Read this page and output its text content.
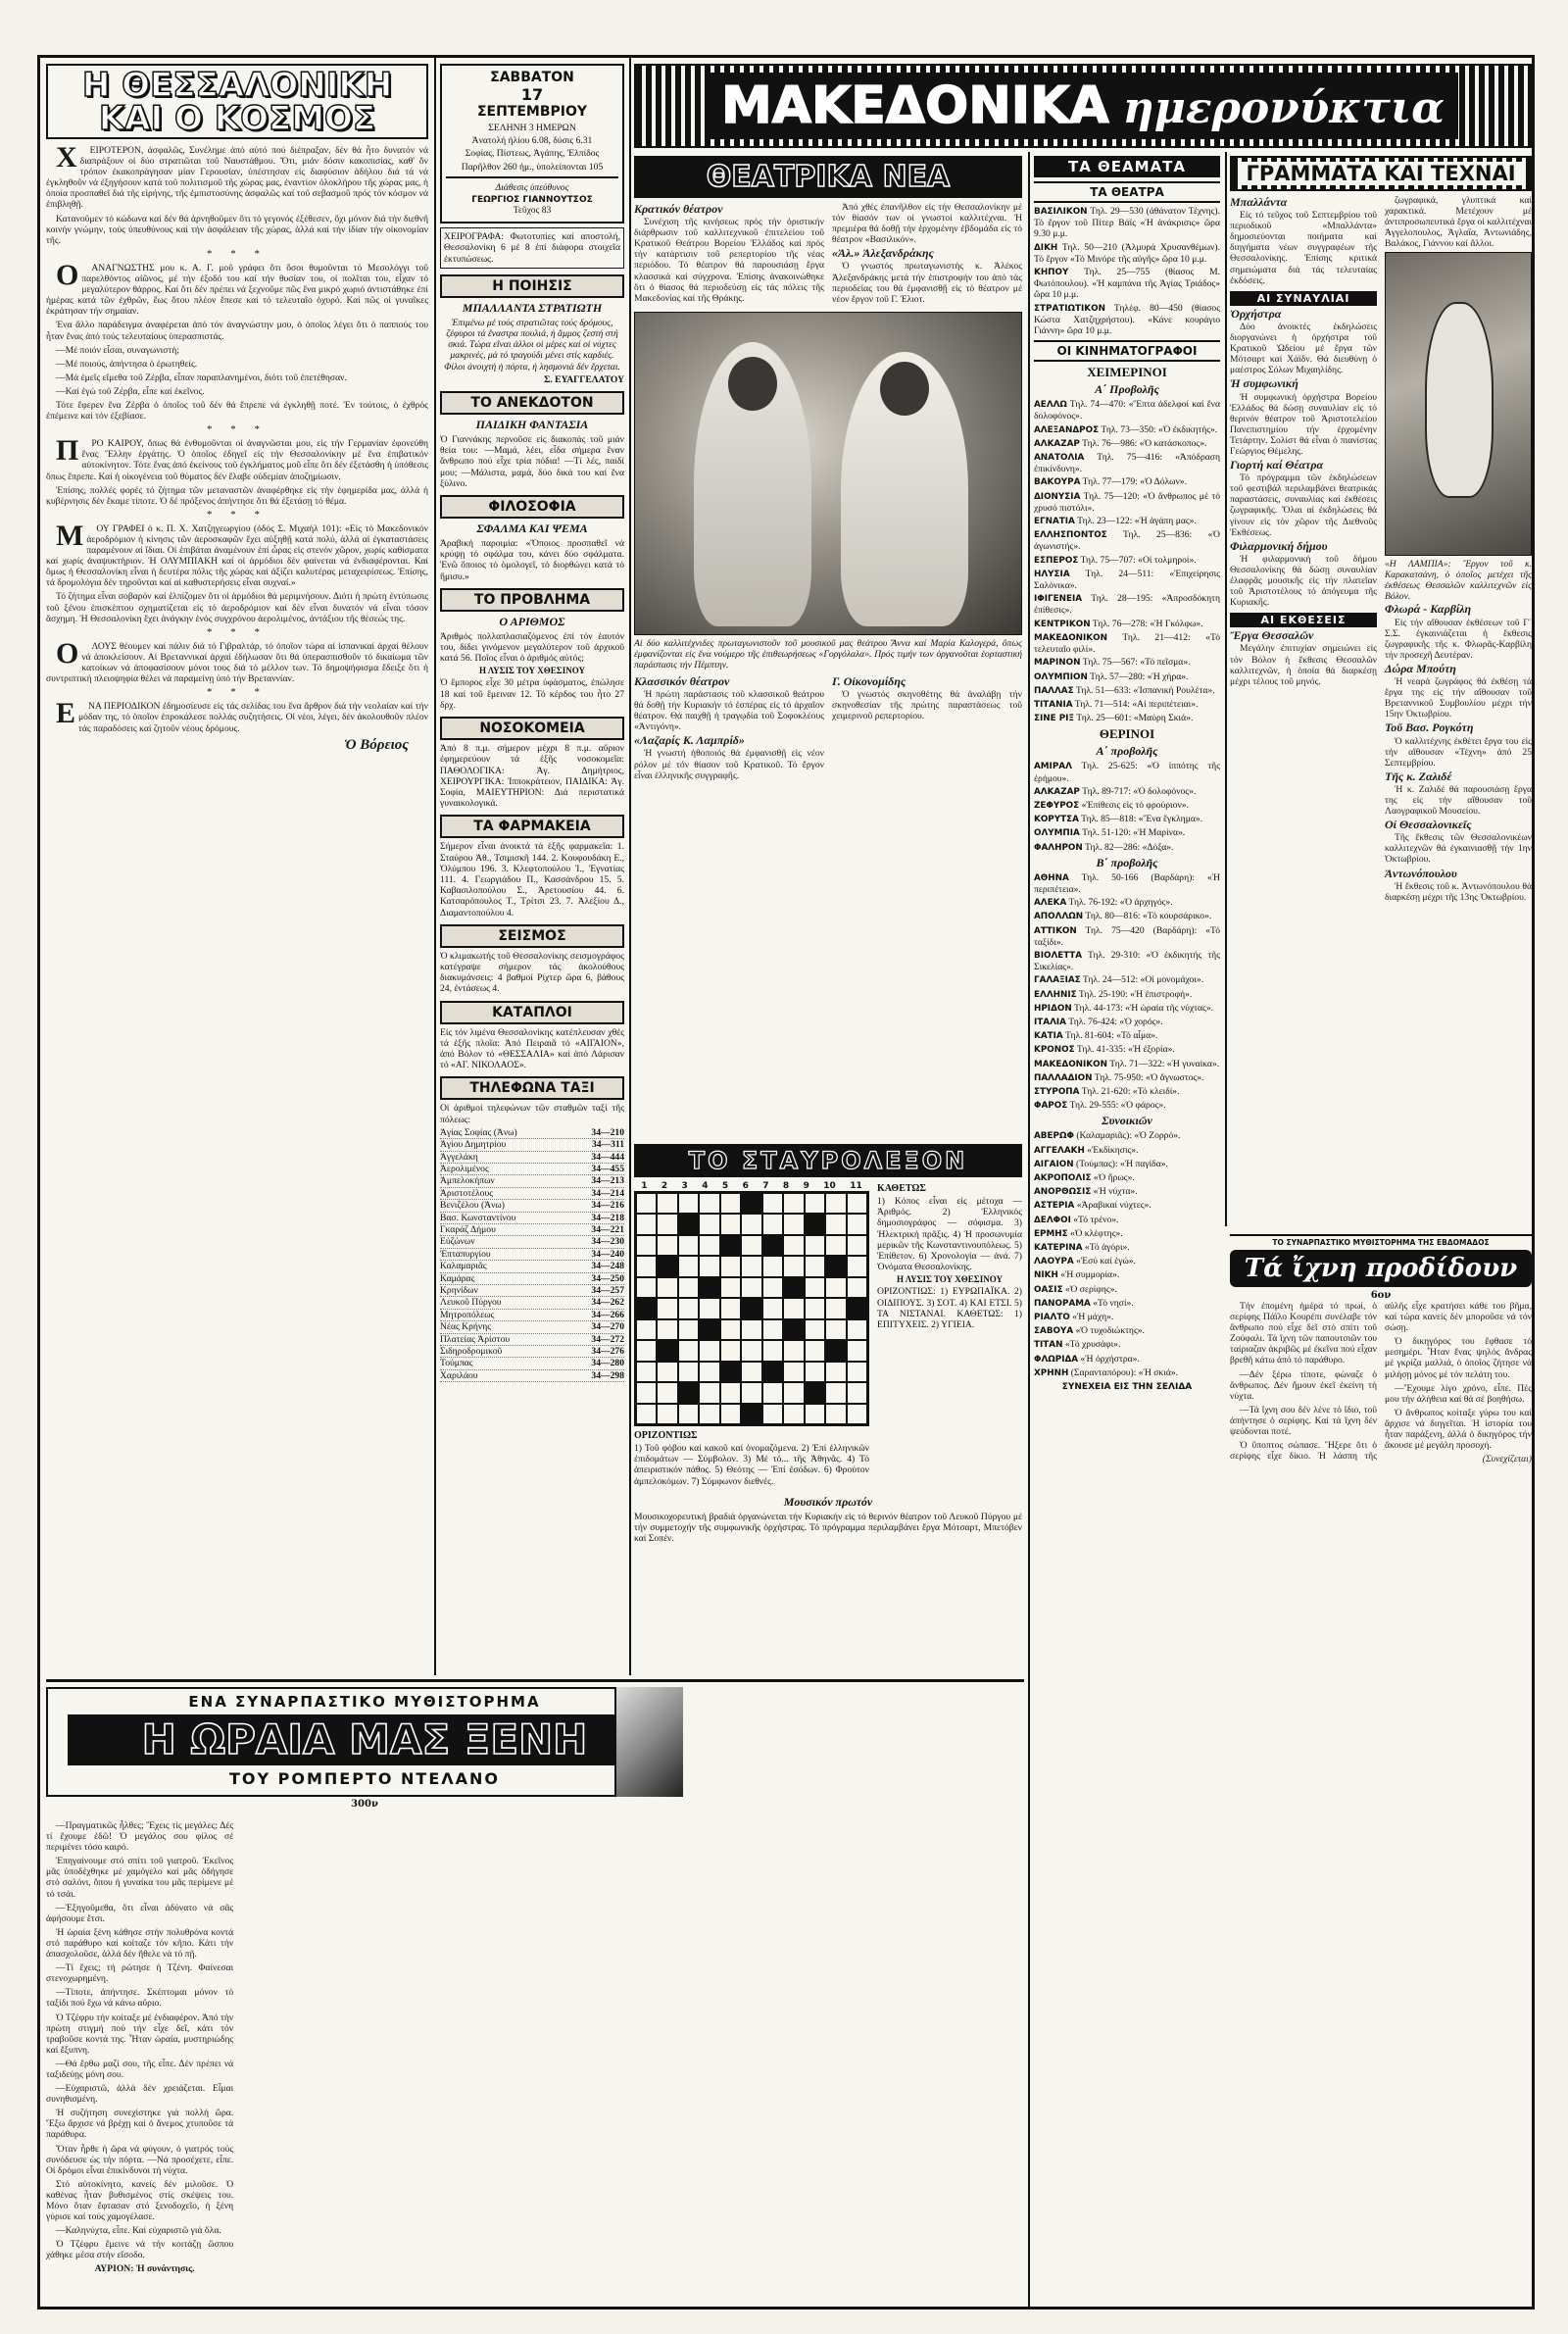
Η ΘΕΣΣΑΛΟΝΙΚΗ
ΚΑΙ Ο ΚΟΣΜΟΣ

ΧΕΙΡΟΤΕΡΟΝ, ἀσφαλῶς, Συνέλημε ἀπό αὐτό πού διέπραξαν, δέν θά ἦτο δυνατόν νά διαπράξουν οἱ δύο στρατιῶται τοῦ Ναυστάθμου. Ὅτι, μιάν δόσιν κακοπισίας, καθ' ὅν τρόπον ἐκακοπράγησαν μίαν Γερουσίαν, ὑπέστησαν εἰς διαφύσιον ἀδήλου διά τά νά ἐγκληθοῦν νά ἐξηγήσουν κατά τοῦ πολιτισμοῦ τῆς χώρας μας, ἐναντίον ὁλοκλήρου τῆς χώρας μας, ἡ ὁποία προσπαθεῖ διά τῆς εἰρήνης, τῆς ἐμπιστοσύνης ἀσφαλῶς καί τοῦ σεβασμοῦ πρός τόν κόσμον νά ἐπιβληθῇ.

Κατανοῦμεν τό κώδωνα καί δέν θά ἀρνηθοῦμεν ὅτι τό γεγονός ἐξέθεσεν, ὅχι μόνον διά τήν διεθνῆ κοινήν γνώμην, τούς ὑπευθύνους καί τήν ἀσφάλειαν τῆς χώρας, ἀλλά καί τήν ἰδίαν τήν οἰκονομίαν τῆς.

* * *

ΟΑΝΑΓΝΩΣΤΗΣ μου κ. Α. Γ. μοῦ γράφει ὅτι ὅσοι θυμοῦνται τό Μεσολόγγι τοῦ παρελθόντος αἰῶνος, μέ τήν ἐξοδό του καί τήν θυσίαν του, οἱ πολῖται του, εἶχαν τό μεγαλύτερον θάρρος. Καί ὅτι δέν πρέπει νά ξεχνοῦμε πῶς ἕνα μικρό χωριό ἀντιστάθηκε ἐπί ἡμέρας κατά τῶν ἐχθρῶν, ἕως ὅτου πλέον ἔπεσε καί τό τελευταῖο ὀχυρό. Καί πῶς οἱ γυναῖκες ἐκράτησαν τήν σημαίαν.

Ἐνα ἄλλο παράδειγμα ἀναφέρεται ἀπό τόν ἀναγνώστην μου, ὁ ὁποῖος λέγει ὅτι ὁ παππούς του ἦταν ἕνας ἀπό τούς τελευταίους ὑπερασπιστάς.

—Μέ ποιόν εἶσαι, συναγωνιστή;

—Μέ ποιούς, ἀπήντησα ὁ ἐρωτηθείς.

—Μά ἐμεῖς εἴμεθα τοῦ Ζέρβα, εἶπαν παραπλανημένοι, διότι τοῦ ἐπετέθησαν.

—Καί ἐγώ τοῦ Ζέρβα, εἶπε καί ἐκεῖνος.

Τότε ἔφερεν ἕνα Ζέρβα ὁ ὁποῖος τοῦ δέν θά ἔπρεπε νά ἐγκληθῇ ποτέ. Ἐν τούτοις, ὁ ἐχθρός ἐπέμεινε καί τόν ἐξεβίασε.

* * *

ΠΡΟ ΚΑΙΡΟΥ, ὅπως θά ἐνθυμοῦνται οἱ ἀναγνῶσται μου, εἰς τήν Γερμανίαν ἐφονεύθη ἕνας Ἕλλην ἐργάτης. Ὁ ὁποῖος ἐδηγεῖ εἰς τήν Θεσσαλονίκην μέ ἕνα ἐπιβατικόν αὐτοκίνητον. Τότε ἕνας ἀπό ἐκείνους τοῦ ἐγκλήματος μοῦ εἶπε ὅτι δέν ἐξετάσθη ἡ ὑπόθεσις ὅπως ἔπρεπε. Καί ἡ οἰκογένεια τοῦ θύματος δέν ἔλαβε οὐδεμίαν ἀποζημίωσιν.

Ἐπίσης, πολλές φορές τό ζήτημα τῶν μεταναστῶν ἀναφέρθηκε εἰς τήν ἐφημερίδα μας, ἀλλά ἡ κυβέρνησις δέν ἔκαμε τίποτε. Ὁ δέ πρόξενος ἀπήντησε ὅτι θά ἐξετάσῃ τό θέμα.

* * *

ΜΟΥ ΓΡΑΦΕΙ ὁ κ. Π. Χ. Χατζηγεωργίου (ὁδός Σ. Μιχαήλ 101): «Εἰς τό Μακεδονικόν ἀεροδρόμιον ἡ κίνησις τῶν ἀεροσκαφῶν ἔχει αὐξηθῇ κατά πολύ, ἀλλά αἱ ἐγκαταστάσεις παραμένουν αἱ ἴδιαι. Οἱ ἐπιβάται ἀναμένουν ἐπί ὧρας εἰς στενόν χῶρον, χωρίς καθίσματα καί χωρίς ἀναψυκτήριον. Ἡ ΟΛΥΜΠΙΑΚΗ καί οἱ ἁρμόδιοι δέν φαίνεται νά ἐνδιαφέρονται. Καί ὅμως ἡ Θεσσαλονίκη εἶναι ἡ δευτέρα πόλις τῆς χώρας καί ἀξίζει καλυτέρας μεταχειρίσεως. Ἐπίσης, τά δρομολόγια δέν τηροῦνται καί αἱ καθυστερήσεις εἶναι συχναί.»

Τό ζήτημα εἶναι σοβαρόν καί ἐλπίζομεν ὅτι οἱ ἁρμόδιοι θά μεριμνήσουν. Διότι ἡ πρώτη ἐντύπωσις τοῦ ξένου ἐπισκέπτου σχηματίζεται εἰς τό ἀεροδρόμιον καί δέν εἶναι δυνατόν νά εἶναι τόσον ἄσχημη. Ἡ Θεσσαλονίκη ἔχει ἀνάγκην ἑνός συγχρόνου ἀερολιμένος, ἀντάξιου τῆς θέσεώς της.

* * *

ΟΛΟΥΣ θέουμεν καί πάλιν διά τό Γιβραλτάρ, τό ὁποῖον τώρα αἱ ἰσπανικαί ἀρχαί θέλουν νά ἀποκλείσουν. Αἱ Βρεταννικαί ἀρχαί ἐδήλωσαν ὅτι θά ὑπερασπισθοῦν τό δικαίωμα τῶν κατοίκων νά ἀποφασίσουν μόνοι τους διά τό μέλλον των. Τό δημοψήφισμα ἔδειξε ὅτι ἡ συντριπτική πλειοψηφία θέλει νά παραμείνῃ ὑπό τήν Βρεταννίαν.

* * *

ΕΝΑ ΠΕΡΙΟΔΙΚΟΝ ἐδημοσίευσε εἰς τάς σελίδας του ἕνα ἄρθρον διά τήν νεολαίαν καί τήν μόδαν της, τό ὁποῖον ἐπροκάλεσε πολλάς συζητήσεις. Οἱ νέοι, λέγει, δέν ἀκολουθοῦν πλέον τάς παραδόσεις καί ζητοῦν νέους δρόμους.

Ὁ Βόρειος
ΣΑΒΒΑΤΟΝ
17
ΣΕΠΤΕΜΒΡΙΟΥ
ΣΕΛΗΝΗ 3 ΗΜΕΡΩΝ
Ἀνατολή ἡλίου 6.08, δύσις 6.31
Σοφίας, Πίστεως, Ἀγάπης, Ἐλπίδος
Παρῆλθον 260 ἡμ., ὑπολείπονται 105
Διάθεσις ὑπεύθυνος
ΓΕΩΡΓΙΟΣ ΓΙΑΝΝΟΥΤΣΟΣ
Τεῦχος 83
ΧΕΙΡΟΓΡΑΦΑ: Φωτοτυπίες καί αποστολή, Θεσσαλονίκη 6 μέ 8 ἐπί διάφορα στοιχεῖα ἐκτυπώσεως.
Η ΠΟΙΗΣΙΣ
ΜΠΑΛΛΑΝΤΑ ΣΤΡΑΤΙΩΤΗ
Ἐπιμένω μέ τούς στρατιῶτας τούς δρόμους, ζέφυροι τά ἔναστρα πουλιά, ἡ ἄμμος ζεστή στή σκιά. Τώρα εἴναι ἀλλοι οἱ μέρες καί οἱ νύχτες μακρινές, μά τό τραγούδι μένει στίς καρδιές. Φίλοι ἀνοιχτή ἡ πόρτα, ἡ λησμονιά δέν ἔρχεται.
Σ. ΕΥΑΓΓΕΛΑΤΟΥ
ΤΟ ΑΝΕΚΔΟΤΟΝ
ΠΑΙΔΙΚΗ ΦΑΝΤΑΣΙΑ
Ὁ Γιαννάκης περνοῦσε εἰς διακοπάς τοῦ μιάν θεία του: —Μαμά, λέει, εἶδα σήμερα ἕναν ἄνθρωπο πού εἶχε τρία πόδια! —Τί λές, παιδί μου; —Μάλιστα, μαμά, δύο δικά του καί ἕνα ξύλινο.
ΦΙΛΟΣΟΦΙΑ
ΣΦΑΛΜΑ ΚΑΙ ΨΕΜΑ
Ἀραβική παροιμία: «Ὅποιος προσπαθεῖ νά κρύψῃ τό σφάλμα του, κάνει δύο σφάλματα. Ἐνῶ ὅποιος τό ὁμολογεῖ, τό διορθώνει κατά τό ἥμισυ.»
ΤΟ ΠΡΟΒΛΗΜΑ
Ο ΑΡΙΘΜΟΣ
Ἀριθμός πολλαπλασιαζόμενος ἐπί τόν ἑαυτόν του, δίδει γινόμενον μεγαλύτερον τοῦ ἀρχικοῦ κατά 56. Ποῖος εἶναι ὁ ἀριθμός αὐτός;
Η ΛΥΣΙΣ ΤΟΥ ΧΘΕΣΙΝΟΥ
Ὁ ἔμπορος εἶχε 30 μέτρα ὑφάσματος, ἐπώλησε 18 καί τοῦ ἔμειναν 12. Τό κέρδος του ἦτο 27 δρχ.
ΝΟΣΟΚΟΜΕΙΑ
Ἀπό 8 π.μ. σήμερον μέχρι 8 π.μ. αὔριον ἐφημερεύουν τά ἑξῆς νοσοκομεῖα: ΠΑΘΟΛΟΓΙΚΑ: Ἀγ. Δημήτριος, ΧΕΙΡΟΥΡΓΙΚΑ: Ἱπποκράτειον, ΠΑΙΔΙΚΑ: Ἀγ. Σοφία, ΜΑΙΕΥΤΗΡΙΟΝ: Διά περιστατικά γυναικολογικά.
ΤΑ ΦΑΡΜΑΚΕΙΑ
Σήμερον εἶναι ἀνοικτά τά ἑξῆς φαρμακεῖα: 1. Σταύρου Ἀθ., Τσιμισκῆ 144. 2. Κουφουδάκη Ε., Ὀλύμπου 196. 3. Κλεφτοπούλου Ἰ., Ἐγνατίας 111. 4. Γεωργιάδου Π., Κασσάνδρου 15. 5. Καβασιλοπούλου Σ., Ἀρετουσίου 44. 6. Κατσαρόπουλος Τ., Τρίτσι 23. 7. Ἀλεξίου Δ., Διαμαντοπούλου 4.
ΣΕΙΣΜΟΣ
Ὁ κλιμακωτής τοῦ Θεσσαλονίκης σεισμογράφος κατέγραψε σήμερον τάς ἀκολούθους διακυμάνσεις: 4 βαθμοί Ρίχτερ ὥρα 6, βάθους 24, ἐντάσεως 4.
ΚΑΤΑΠΛΟΙ
Εἰς τόν λιμένα Θεσσαλονίκης κατέπλευσαν χθές τά ἑξῆς πλοῖα: Ἀπό Πειραιᾶ τό «ΑΙΓΑΙΟΝ», ἀπό Βόλον τό «ΘΕΣΣΑΛΙΑ» καί ἀπό Λάρισαν τό «ΑΓ. ΝΙΚΟΛΑΟΣ».
ΤΗΛΕΦΩΝΑ ΤΑΞΙ
Οἱ ἀριθμοί τηλεφώνων τῶν σταθμῶν ταξί τῆς πόλεως:
Ἁγίας Σοφίας (Ἀνω)	34—210
Ἁγίου Δημητρίου	34—311
Ἀγγελάκη	34—444
Ἀερολιμένος	34—455
Ἀμπελοκήπων	34—213
Ἀριστοτέλους	34—214
Βενιζέλου (Ἀνω)	34—216
Βασ. Κωνσταντίνου	34—218
Γκαράζ Δήμου	34—221
Εὐζώνων	34—230
Ἐπταπυργίου	34—240
Καλαμαριᾶς	34—248
Καμάρας	34—250
Κρηνίδων	34—257
Λευκοῦ Πύργου	34—262
Μητροπόλεως	34—266
Νέας Κρήνης	34—270
Πλατείας Ἀρίστου	34—272
Σιδηροδρομικοῦ	34—276
Τούμπας	34—280
Χαριλάου	34—298
ΜΑΚΕΔΟΝΙΚΑ ημερονύκτια
ΘΕΑΤΡΙΚΑ ΝΕΑ
Κρατικόν θέατρον

Συνέχιση τῆς κινήσεως πρός τήν ὁριστικήν διάρθρωσιν τοῦ καλλιτεχνικοῦ ἐπιτελείου τοῦ Κρατικοῦ Θεάτρου Βορείου Ἑλλάδος καί πρός τήν κατάρτισιν τοῦ ρεπερτορίου τῆς νέας περιόδου. Τό θέατρον θά παρουσιάσῃ ἔργα κλασσικά καί σύγχρονα. Ἐπίσης ἀνακοινώθηκε ὅτι ὁ θίασος θά περιοδεύσῃ εἰς τάς πόλεις τῆς Μακεδονίας καί τῆς Θράκης.

Ἀπό χθές ἐπανῆλθον εἰς τήν Θεσσαλονίκην μέ τόν θίασόν των οἱ γνωστοί καλλιτέχναι. Ἡ πρεμιέρα θά δοθῇ τήν ἐρχομένην ἑβδομάδα εἰς τό θέατρον «Βασιλικόν».

«Ἀλ.» Ἀλεξανδράκης

Ὁ γνωστός πρωταγωνιστής κ. Ἀλέκος Ἀλεξανδράκης μετά τήν ἐπιστροφήν του ἀπό τάς περιοδείας του θά ἐμφανισθῇ εἰς τό θέατρον μέ νέον ἔργον τοῦ Γ. Ἐλιοτ.

Αἱ δύο καλλιτέχνιδες πρωταγωνιστοῦν τοῦ μουσικοῦ μας θεάτρου Ἄννα καί Μαρία Καλογερά, ὅπως ἐμφανίζονται εἰς ἕνα νούμερο τῆς ἐπιθεωρήσεως «Γοργόλαλα». Πρός τιμήν των ὀργανοῦται ἑορταστική παράστασις τήν Πέμπτην.
Κλασσικόν θέατρον

Ἡ πρώτη παράστασις τοῦ κλασσικοῦ θεάτρου θά δοθῇ τήν Κυριακήν τό ἑσπέρας εἰς τό ἀρχαῖον θέατρον. Θά παιχθῇ ἡ τραγῳδία τοῦ Σοφοκλέους «Ἀντιγόνη».

«Λαζαρίς Κ. Λαμπρίδ»

Ἡ γνωστή ἠθοποιός θά ἐμφανισθῇ εἰς νέον ρόλον μέ τόν θίασον τοῦ Κρατικοῦ. Τό ἔργον εἶναι ἑλληνικῆς συγγραφῆς.

Γ. Οἰκονομίδης

Ὁ γνωστός σκηνοθέτης θά ἀναλάβῃ τήν σκηνοθεσίαν τῆς πρώτης παραστάσεως τοῦ χειμερινοῦ ρεπερτορίου.

ΤΟ ΣΤΑΥΡΟΛΕΞΟΝ
1 2 3 4 5 6 7 8 9 10 11
ΟΡΙΖΟΝΤΙΩΣ
1) Τοῦ φόβου καί κακοῦ καί ὀνομαζόμενα. 2) Ἐπί ἑλληνικῶν ἐπιδομάτων — Σύμβολον. 3) Μέ τό... τῆς Ἀθηνᾶς. 4) Τό ἀπειριστικόν πάθος. 5) Θεότης — Ἐπί ἐσόδων. 6) Φρούτον ἀμπελοκόμων. 7) Σύμφωνον διεθνές.
ΚΑΘΕΤΩΣ
1) Κόπος εἶναι εἰς μέτοχα — Ἀριθμός. 2) Ἐλληνικός δημοσιογράφος — σόφισμα. 3) Ἠλεκτρική πρᾶξις. 4) Ἡ προσωνυμία μερικῶν τῆς Κωνσταντινουπόλεως. 5) Ἐπίθετον. 6) Χρονολογία — ἀνά. 7) Ὀνόματα Θεσσαλονίκης.
Η ΛΥΣΙΣ ΤΟΥ ΧΘΕΣΙΝΟΥ
ΟΡΙΖΟΝΤΙΩΣ: 1) ΕΥΡΩΠΑΪΚΑ. 2) ΟΙΔΙΠΟΥΣ. 3) ΣΟΤ. 4) ΚΑΙ ΕΤΣΙ. 5) ΤΑ ΝΙΣΤΑΝΑΙ. ΚΑΘΕΤΩΣ: 1) ΕΠΙΤΥΧΕΙΣ. 2) ΥΓΙΕΙΑ.
Μουσικόν πρωτόν
Μουσικοχορευτική βραδιά ὀργανώνεται τήν Κυριακήν εἰς τό θερινόν θέατρον τοῦ Λευκοῦ Πύργου μέ τήν συμμετοχήν τῆς συμφωνικῆς ὀρχήστρας. Τό πρόγραμμα περιλαμβάνει ἔργα Μότσαρτ, Μπετόβεν καί Σοπέν.
ΤΑ ΘΕΑΜΑΤΑ
ΤΑ ΘΕΑΤΡΑ
ΒΑΣΙΛΙΚΟΝ Τηλ. 29—530 (ἀθάνατον Τέχνης). Τό ἔργον τοῦ Πίτερ Βάϊς «Ἡ ἀνάκρισις» ὥρα 9.30 μ.μ.
ΔΙΚΗ Τηλ. 50—210 (Ἀλμυρά Χρυσανθέμων). Τό ἔργον «Τό Μινόρε τῆς αὐγῆς» ὥρα 10 μ.μ.
ΚΗΠΟΥ Τηλ. 25—755 (θίασος Μ. Φωτόπουλου). «Ἡ καμπάνα τῆς Ἀγίας Τριάδος» ὥρα 10 μ.μ.
ΣΤΡΑΤΙΩΤΙΚΟΝ Τηλέφ. 80—450 (θίασος Κώστα Χατζηχρήστου). «Κάνε κουράγιο Γιάννη» ὥρα 10 μ.μ.
ΟΙ ΚΙΝΗΜΑΤΟΓΡΑΦΟΙ
ΧΕΙΜΕΡΙΝΟΙ
Α΄ Προβολῆς
ΑΕΛΛΩ Τηλ. 74—470: «Ἕπτα ἀδελφοί καί ἕνα δολοφόνος».
ΑΛΕΞΑΝΔΡΟΣ Τηλ. 73—350: «Ὁ ἐκδικητής».
ΑΛΚΑΖΑΡ Τηλ. 76—986: «Ὁ κατάσκοπος».
ΑΝΑΤΟΛΙΑ Τηλ. 75—416: «Ἀπόδραση ἐπικίνδυνη».
ΒΑΚΟΥΡΑ Τηλ. 77—179: «Ὁ Δόλων».
ΔΙΟΝΥΣΙΑ Τηλ. 75—120: «Ὁ ἄνθρωπος μέ τό χρυσό πιστόλι».
ΕΓΝΑΤΙΑ Τηλ. 23—122: «Ἡ ἀγάπη μας».
ΕΛΛΗΣΠΟΝΤΟΣ Τηλ. 25—836: «Ὁ ἀγωνιστής».
ΕΣΠΕΡΟΣ Τηλ. 75—707: «Οἱ τολμηροί».
ΗΛΥΣΙΑ Τηλ. 24—511: «Ἐπιχείρησις Σαλόνικα».
ΙΦΙΓΕΝΕΙΑ Τηλ. 28—195: «Ἀπροσδόκητη ἐπίθεσις».
ΚΕΝΤΡΙΚΟΝ Τηλ. 76—278: «Ἡ Γκόλφω».
ΜΑΚΕΔΟΝΙΚΟΝ Τηλ. 21—412: «Τό τελευταῖο φιλί».
ΜΑΡΙΝΟΝ Τηλ. 75—567: «Τό πεῖσμα».
ΟΛΥΜΠΙΟΝ Τηλ. 57—280: «Ἡ χήρα».
ΠΑΛΛΑΣ Τηλ. 51—633: «Ἰσπανική Ρουλέτα».
ΤΙΤΑΝΙΑ Τηλ. 71—514: «Αἱ περιπέτειαι».
ΣΙΝΕ ΡΙΞ Τηλ. 25—601: «Μαύρη Σκιά».
ΘΕΡΙΝΟΙ
Α΄ προβολῆς
ΑΜΙΡΑΛ Τηλ. 25-625: «Ὁ ἱππότης τῆς ἐρήμου».
ΑΛΚΑΖΑΡ Τηλ. 89-717: «Ὁ δολοφόνος».
ΖΕΦΥΡΟΣ «Ἐπίθεσις εἰς τό φρούριον».
ΚΟΡΥΤΣΑ Τηλ. 85—818: «Ἕνα ἔγκλημα».
ΟΛΥΜΠΙΑ Τηλ. 51-120: «Ἡ Μαρίνα».
ΦΑΛΗΡΟΝ Τηλ. 82—286: «Δόξα».
Β΄ προβολῆς
ΑΘΗΝΑ Τηλ. 50-166 (Βαρδάρη): «Ἡ περιπέτεια».
ΑΛΕΚΑ Τηλ. 76-192: «Ὁ ἀρχηγός».
ΑΠΟΛΛΩΝ Τηλ. 80—816: «Τό κουρσάρικο».
ΑΤΤΙΚΟΝ Τηλ. 75—420 (Βαρδάρη): «Τό ταξίδι».
ΒΙΟΛΕΤΤΑ Τηλ. 29-310: «Ὁ ἐκδικητής τῆς Σικελίας».
ΓΑΛΑΞΙΑΣ Τηλ. 24—512: «Οἱ μονομάχοι».
ΕΛΛΗΝΙΣ Τηλ. 25-190: «Ἡ ἐπιστροφή».
ΗΡΙΔΟΝ Τηλ. 44-173: «Ἡ ὡραία τῆς νύχτας».
ΙΤΑΛΙΑ Τηλ. 76-424: «Ὁ χορός».
ΚΑΤΙΑ Τηλ. 81-604: «Τό αἷμα».
ΚΡΟΝΟΣ Τηλ. 41-335: «Ἡ ἐξορία».
ΜΑΚΕΔΟΝΙΚΟΝ Τηλ. 71—322: «Ἡ γυναίκα».
ΠΑΛΛΑΔΙΟΝ Τηλ. 75-950: «Ὁ ἄγνωστος».
ΣΤΥΡΟΠΑ Τηλ. 21-620: «Τό κλειδί».
ΦΑΡΟΣ Τηλ. 29-555: «Ὁ φάρος».
Συνοικιῶν
ΑΒΕΡΩΦ (Καλαμαριᾶς): «Ὁ Ζορρό».
ΑΓΓΕΛΑΚΗ «Ἐκδίκησις».
ΑΙΓΑΙΟΝ (Τούμπας): «Ἡ παγίδα».
ΑΚΡΟΠΟΛΙΣ «Ὁ ἥρως».
ΑΝΟΡΘΩΣΙΣ «Ἡ νύχτα».
ΑΣΤΕΡΙΑ «Ἀραβικαί νύχτες».
ΔΕΛΦΟΙ «Τό τρένο».
ΕΡΜΗΣ «Ὁ κλέφτης».
ΚΑΤΕΡΙΝΑ «Τό ἀγόρι».
ΛΑΟΥΡΑ «Ἐσύ καί ἐγώ».
ΝΙΚΗ «Ἡ συμμορία».
ΟΑΣΙΣ «Ὁ σερίφης».
ΠΑΝΟΡΑΜΑ «Τό νησί».
ΡΙΑΛΤΟ «Ἡ μάχη».
ΣΑΒΟΥΑ «Ὁ τυχοδιώκτης».
ΤΙΤΑΝ «Τό χρυσάφι».
ΦΛΩΡΙΔΑ «Ἡ ὀρχήστρα».
ΧΡΗΝΗ (Σαρανταπόρου): «Ἡ σκιά».
ΣΥΝΕΧΕΙΑ ΕΙΣ ΤΗΝ ΣΕΛΙΔΑ
ΓΡΑΜΜΑΤΑ ΚΑΙ ΤΕΧΝΑΙ
Μπαλλάντα

Εἰς τό τεῦχος τοῦ Σεπτεμβρίου τοῦ περιοδικοῦ «Μπαλλάντα» δημοσιεύονται ποιήματα καί διηγήματα νέων συγγραφέων τῆς Θεσσαλονίκης. Ἐπίσης κριτικά σημειώματα διά τάς τελευταίας ἐκδόσεις.

ΑΙ ΣΥΝΑΥΛΙΑΙ
Ὀρχήστρα

Δύο ἀνοικτές ἐκδηλώσεις διοργανώνει ἡ ὀρχήστρα τοῦ Κρατικοῦ Ὠδείου μέ ἔργα τῶν Μότσαρτ καί Χάϊδν. Θά διευθύνῃ ὁ μαέστρος Σόλων Μιχαηλίδης.

Ἡ συμφωνική

Ἡ συμφωνική ὀρχήστρα Βορείου Ἑλλάδος θά δώσῃ συναυλίαν εἰς τό θερινόν θέατρον τοῦ Ἀριστοτελείου Πανεπιστημίου τήν ἐρχομένην Τετάρτην. Σολίστ θά εἶναι ὁ πιανίστας Γεώργιος Θέμελης.

Γιορτή καί Θέατρα

Τό πρόγραμμα τῶν ἐκδηλώσεων τοῦ φεστιβάλ περιλαμβάνει θεατρικάς παραστάσεις, συναυλίας καί ἐκθέσεις ζωγραφικῆς. Ὅλαι αἱ ἐκδηλώσεις θά γίνουν εἰς τόν χῶρον τῆς Διεθνοῦς Ἐκθέσεως.

Φιλαρμονική δήμου

Ἡ φιλαρμονική τοῦ δήμου Θεσσαλονίκης θά δώσῃ συναυλίαν ἐλαφρᾶς μουσικῆς εἰς τήν πλατεῖαν τοῦ Ἀριστοτέλους τό ἀπόγευμα τῆς Κυριακῆς.

ΑΙ ΕΚΘΕΣΕΙΣ
Ἔργα Θεσσαλῶν

Μεγάλην ἐπιτυχίαν σημειώνει εἰς τόν Βόλον ἡ ἔκθεσις Θεσσαλῶν καλλιτεχνῶν, ἡ ὁποία θά διαρκέσῃ μέχρι τέλους τοῦ μηνός.

ζωγραφικά, γλυπτικά καί χαρακτικά. Μετέχουν μέ ἀντιπροσωπευτικά ἔργα οἱ καλλιτέχναι Ἀγγελοπουλος, Ἀγλαΐα, Ἀντωνιάδης, Βαλάκος, Γιάννου καί ἄλλοι.

«Η ΛΑΜΠΙΑ»: Ἔργον τοῦ κ. Καρακατσάνη, ὁ ὁποῖος μετέχει τῆς ἐκθέσεως Θεσσαλῶν καλλιτεχνῶν εἰς Βόλον.
Φλωρά - Καρβίλη

Εἰς τήν αἴθουσαν ἐκθέσεων τοῦ Γ΄ Σ.Σ. ἐγκαινιάζεται ἡ ἔκθεσις ζωγραφικῆς τῆς κ. Φλωρᾶς-Καρβίλη τήν προσεχῆ Δευτέραν.

Δώρα Μπούτη

Ἡ νεαρά ζωγράφος θά ἐκθέσῃ τά ἔργα της εἰς τήν αἴθουσαν τοῦ Βρεταννικοῦ Συμβουλίου μέχρι τήν 15ην Ὀκτωβρίου.

Τοῦ Βασ. Ρογκότη

Ὁ καλλιτέχνης ἐκθέτει ἔργα του εἰς τήν αἴθουσαν «Τέχνη» ἀπό 25 Σεπτεμβρίου.

Τῆς κ. Ζαλιδέ

Ἡ κ. Ζαλιδέ θά παρουσιάσῃ ἔργα της εἰς τήν αἴθουσαν τοῦ Λαογραφικοῦ Μουσείου.

Οἱ Θεσσαλονικεῖς

Τῆς ἔκθεσις τῶν Θεσσαλονικέων καλλιτεχνῶν θά ἐγκαινιασθῇ τήν 1ην Ὀκτωβρίου.

Ἀντωνόπουλου

Ἡ ἔκθεσις τοῦ κ. Ἀντωνόπουλου θά διαρκέσῃ μέχρι τῆς 13ης Ὀκτωβρίου.

ΤΟ ΣΥΝΑΡΠΑΣΤΙΚΟ ΜΥΘΙΣΤΟΡΗΜΑ ΤΗΣ ΕΒΔΟΜΑΔΟΣ
Τά ἴχνη προδίδουν
6ον

Τήν ἐπομένη ἡμέρα τό πρωί, ὁ σερίφης Πάϊλο Κουρέπι συνέλαβε τόν ἄνθρωπο πού εἶχε δεῖ στό σπίτι τοῦ Ζούφαλι. Τά ἴχνη τῶν παπουτσιῶν του ταίριαζαν ἀκριβῶς μέ ἐκεῖνα πού εἶχαν βρεθῆ κάτω ἀπό τό παράθυρο.

—Δέν ξέρω τίποτε, φώναζε ὁ ἄνθρωπος. Δέν ἤμουν ἐκεῖ ἐκείνη τή νύχτα.

—Τά ἴχνη σου δέν λένε τό ἴδιο, τοῦ ἀπήντησε ὁ σερίφης. Καί τά ἴχνη δέν ψεύδονται ποτέ.

Ὁ ὕποπτος σώπασε. Ἤξερε ὅτι ὁ σερίφης εἶχε δίκιο. Ἡ λάσπη τῆς αὐλῆς εἶχε κρατήσει κάθε του βῆμα, καί τώρα κανείς δέν μποροῦσε νά τόν σώσῃ.

Ὁ δικηγόρος του ἔφθασε τό μεσημέρι. Ἦταν ἕνας ψηλός ἄνδρας μέ γκρίζα μαλλιά, ὁ ὁποῖος ζήτησε νά μιλήσῃ μόνος μέ τόν πελάτη του.

—Ἔχουμε λίγο χρόνο, εἶπε. Πές μου τήν ἀλήθεια καί θά σέ βοηθήσω.

Ὁ ἄνθρωπος κοίταξε γύρω του καί ἄρχισε νά διηγεῖται. Ἡ ἱστορία του ἦταν παράξενη, ἀλλά ὁ δικηγόρος τήν ἄκουσε μέ μεγάλη προσοχή.

(Συνεχίζεται)

ΕΝΑ ΣΥΝΑΡΠΑΣΤΙΚΟ ΜΥΘΙΣΤΟΡΗΜΑ
Η ΩΡΑΙΑ ΜΑΣ ΞΕΝΗ
ΤΟΥ ΡΟΜΠΕΡΤΟ ΝΤΕΛΑΝΟ
300ν

—Πραγματικῶς ἦλθες; Ἔχεις τίς μεγάλες; Δές τί ἔχουμε ἐδῶ! Ὁ μεγάλος σου φίλος σέ περιμένει τόσο καιρό.

Ἐπηγαίνουμε στό σπίτι τοῦ γιατροῦ. Ἐκεῖνος μᾶς ὑποδέχθηκε μέ χαμόγελο καί μᾶς ὁδήγησε στό σαλόνι, ὅπου ἡ γυναίκα του μᾶς περίμενε μέ τό τσάι.

—Ἐξηγοῦμεθα, ὅτι εἶναι ἀδύνατο νά σᾶς ἀφήσουμε ἔτσι.

Ἡ ὡραία ξένη κάθησε στήν πολυθρόνα κοντά στό παράθυρο καί κοίταζε τόν κῆπο. Κάτι τήν ἀπασχολοῦσε, ἀλλά δέν ἤθελε νά τό πῇ.

—Τί ἔχεις; τή ρώτησε ἡ Τζένη. Φαίνεσαι στενοχωρημένη.

—Τίποτε, ἀπήντησε. Σκέπτομαι μόνον τό ταξίδι πού ἔχω νά κάνω αὔριο.

Ὁ Τζέφρυ τήν κοίταξε μέ ἐνδιαφέρον. Ἀπό τήν πρώτη στιγμή πού τήν εἶχε δεῖ, κάτι τόν τραβοῦσε κοντά της. Ἦταν ὡραία, μυστηριώδης καί ἔξυπνη.

—Θά ἔρθω μαζί σου, τῆς εἶπε. Δέν πρέπει νά ταξιδεύῃς μόνη σου.

—Εὐχαριστῶ, ἀλλά δέν χρειάζεται. Εἶμαι συνηθισμένη.

Ἡ συζήτηση συνεχίστηκε γιά πολλή ὥρα. Ἔξω ἄρχισε νά βρέχῃ καί ὁ ἄνεμος χτυποῦσε τά παράθυρα.

Ὅταν ἦρθε ἡ ὥρα νά φύγουν, ὁ γιατρός τούς συνόδευσε ὡς τήν πόρτα. —Νά προσέχετε, εἶπε. Οἱ δρόμοι εἶναι ἐπικίνδυνοι τή νύχτα.

Στό αὐτοκίνητο, κανείς δέν μιλοῦσε. Ὁ καθένας ἦταν βυθισμένος στίς σκέψεις του. Μόνο ὅταν ἔφτασαν στό ξενοδοχεῖο, ἡ ξένη γύρισε καί τούς χαμογέλασε.

—Καληνύχτα, εἶπε. Καί εὐχαριστῶ γιά ὅλα.

Ὁ Τζέφρυ ἔμεινε νά τήν κοιτάζῃ ὥσπου χάθηκε μέσα στήν εἴσοδο.

ΑΥΡΙΟΝ: Ἡ συνάντησις.
